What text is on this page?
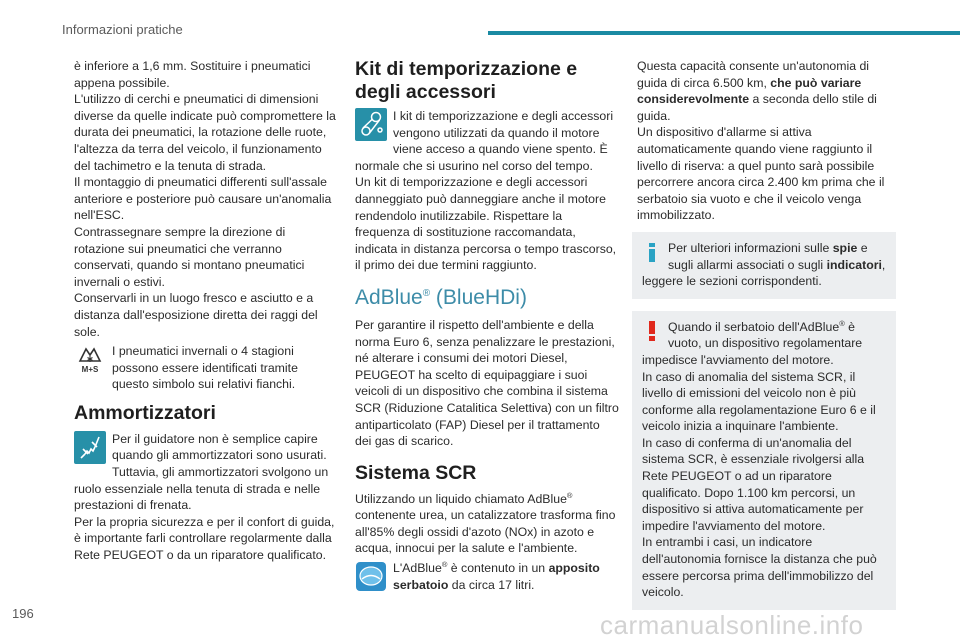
Informazioni pratiche

è inferiore a 1,6 mm. Sostituire i pneumatici appena possibile.

L'utilizzo di cerchi e pneumatici di dimensioni diverse da quelle indicate può compromettere la durata dei pneumatici, la rotazione delle ruote, l'altezza da terra del veicolo, il funzionamento del tachimetro e la tenuta di strada.

Il montaggio di pneumatici differenti sull'assale anteriore e posteriore può causare un'anomalia nell'ESC.

Contrassegnare sempre la direzione di rotazione sui pneumatici che verranno conservati, quando si montano pneumatici invernali o estivi.

Conservarli in un luogo fresco e asciutto e a distanza dall'esposizione diretta dei raggi del sole.

M+S
I pneumatici invernali o 4 stagioni possono essere identificati tramite questo simbolo sui relativi fianchi.
Ammortizzatori
Per il guidatore non è semplice capire quando gli ammortizzatori sono usurati. Tuttavia, gli ammortizzatori svolgono un ruolo essenziale nella tenuta di strada e nelle prestazioni di frenata.

Per la propria sicurezza e per il confort di guida, è importante farli controllare regolarmente dalla Rete PEUGEOT o da un riparatore qualificato.

Kit di temporizzazione e degli accessori
I kit di temporizzazione e degli accessori vengono utilizzati da quando il motore viene acceso a quando viene spento. È normale che si usurino nel corso del tempo.

Un kit di temporizzazione e degli accessori danneggiato può danneggiare anche il motore rendendolo inutilizzabile. Rispettare la frequenza di sostituzione raccomandata, indicata in distanza percorsa o tempo trascorso, il primo dei due termini raggiunto.

AdBlue® (BlueHDi)

Per garantire il rispetto dell'ambiente e della norma Euro 6, senza penalizzare le prestazioni, né alterare i consumi dei motori Diesel, PEUGEOT ha scelto di equipaggiare i suoi veicoli di un dispositivo che combina il sistema SCR (Riduzione Catalitica Selettiva) con un filtro antiparticolato (FAP) Diesel per il trattamento dei gas di scarico.

Sistema SCR

Utilizzando un liquido chiamato AdBlue® contenente urea, un catalizzatore trasforma fino all'85% degli ossidi d'azoto (NOx) in azoto e acqua, innocui per la salute e l'ambiente.

L'AdBlue® è contenuto in un apposito serbatoio da circa 17 litri.

Questa capacità consente un'autonomia di guida di circa 6.500 km, che può variare considerevolmente a seconda dello stile di guida.

Un dispositivo d'allarme si attiva automaticamente quando viene raggiunto il livello di riserva: a quel punto sarà possibile percorrere ancora circa 2.400 km prima che il serbatoio sia vuoto e che il veicolo venga immobilizzato.

Per ulteriori informazioni sulle spie e sugli allarmi associati o sugli indicatori, leggere le sezioni corrispondenti.
Quando il serbatoio dell'AdBlue® è vuoto, un dispositivo regolamentare impedisce l'avviamento del motore.

In caso di anomalia del sistema SCR, il livello di emissioni del veicolo non è più conforme alla regolamentazione Euro 6 e il veicolo inizia a inquinare l'ambiente.

In caso di conferma di un'anomalia del sistema SCR, è essenziale rivolgersi alla Rete PEUGEOT o ad un riparatore qualificato. Dopo 1.100 km percorsi, un dispositivo si attiva automaticamente per impedire l'avviamento del motore.

In entrambi i casi, un indicatore dell'autonomia fornisce la distanza che può essere percorsa prima dell'immobilizzo del veicolo.

196	carmanualsonline.info
